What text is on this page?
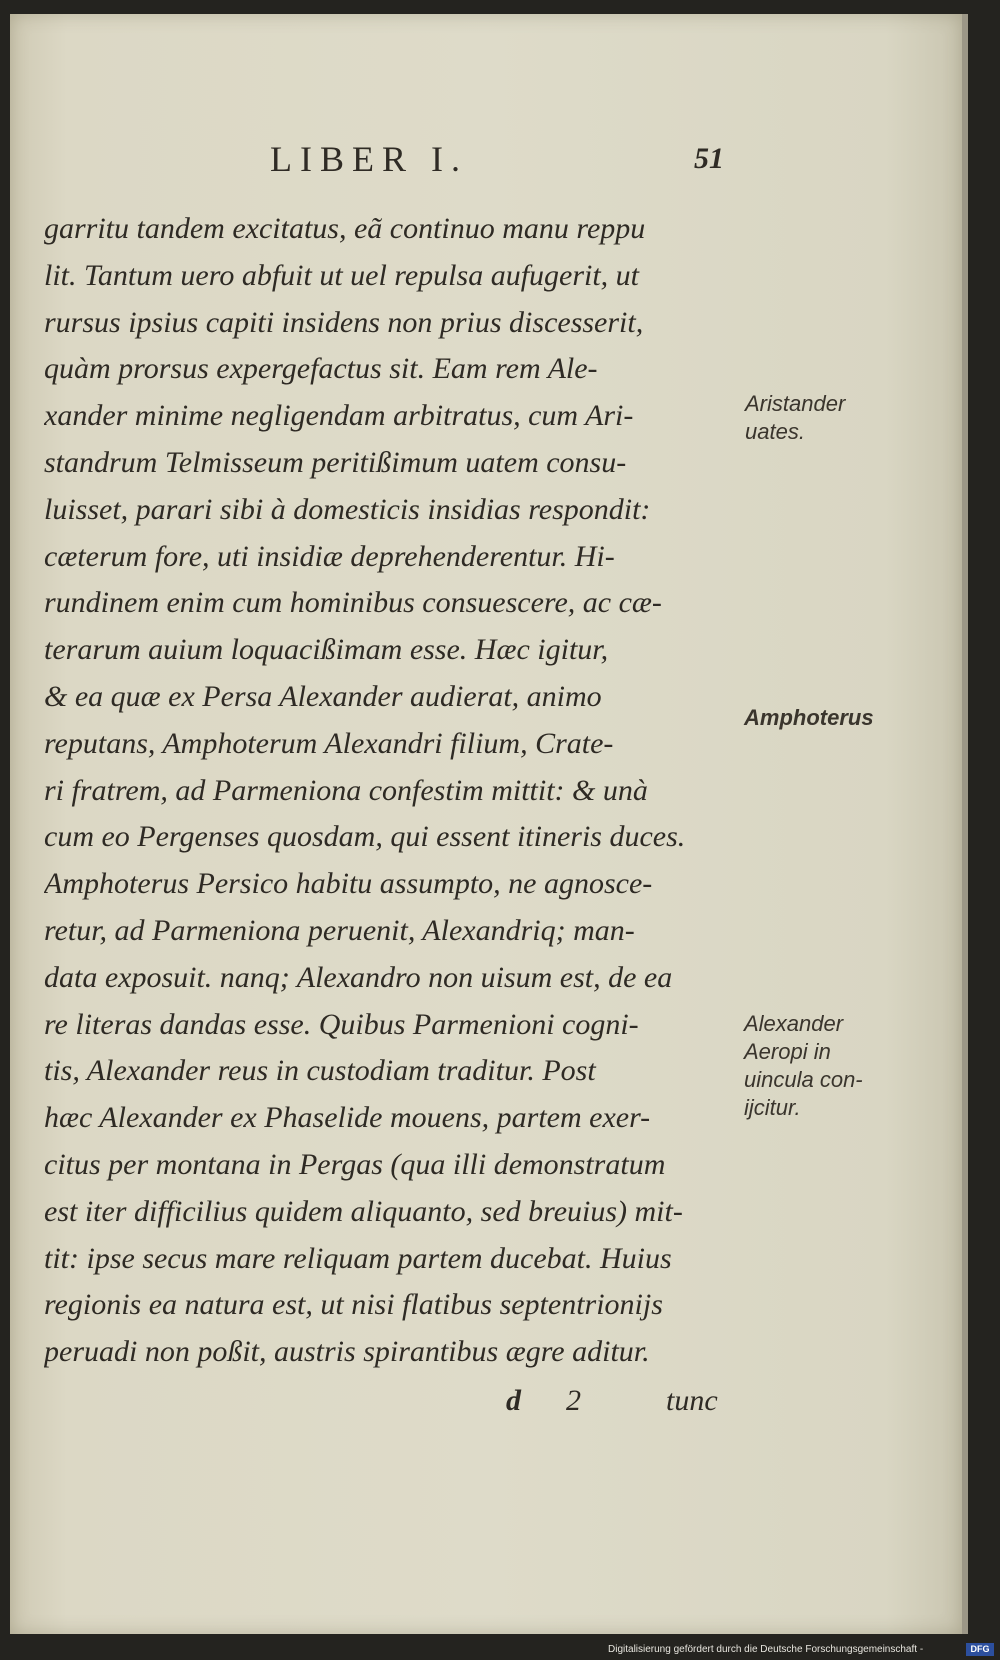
LIBER I.	51
garritu tandem excitatus, eã continuo manu reppu
lit. Tantum uero abfuit ut uel repulsa aufugerit, ut
rursus ipsius capiti insidens non prius discesserit,
quàm prorsus expergefactus sit. Eam rem Ale-
xander minime negligendam arbitratus, cum Ari-
standrum Telmisseum peritißimum uatem consu-
luisset, parari sibi à domesticis insidias respondit:
cæterum fore, uti insidiæ deprehenderentur. Hi-
rundinem enim cum hominibus consuescere, ac cæ-
terarum auium loquacißimam esse. Hæc igitur,
& ea quæ ex Persa Alexander audierat, animo
reputans, Amphoterum Alexandri filium, Crate-
ri fratrem, ad Parmeniona confestim mittit: & unà
cum eo Pergenses quosdam, qui essent itineris duces.
Amphoterus Persico habitu assumpto, ne agnosce-
retur, ad Parmeniona peruenit, Alexandriq; man-
data exposuit. nanq; Alexandro non uisum est, de ea
re literas dandas esse. Quibus Parmenioni cogni-
tis, Alexander reus in custodiam traditur. Post
hæc Alexander ex Phaselide mouens, partem exer-
citus per montana in Pergas (qua illi demonstratum
est iter difficilius quidem aliquanto, sed breuius) mit-
tit: ipse secus mare reliquam partem ducebat. Huius
regionis ea natura est, ut nisi flatibus septentrionijs
peruadi non poßit, austris spirantibus ægre aditur.
Aristander
uates.
Amphoterus
Alexander
Aeropi in
uincula con-
ijcitur.
d 2	tunc
Digitalisierung gefördert durch die Deutsche Forschungsgemeinschaft -	DFG
